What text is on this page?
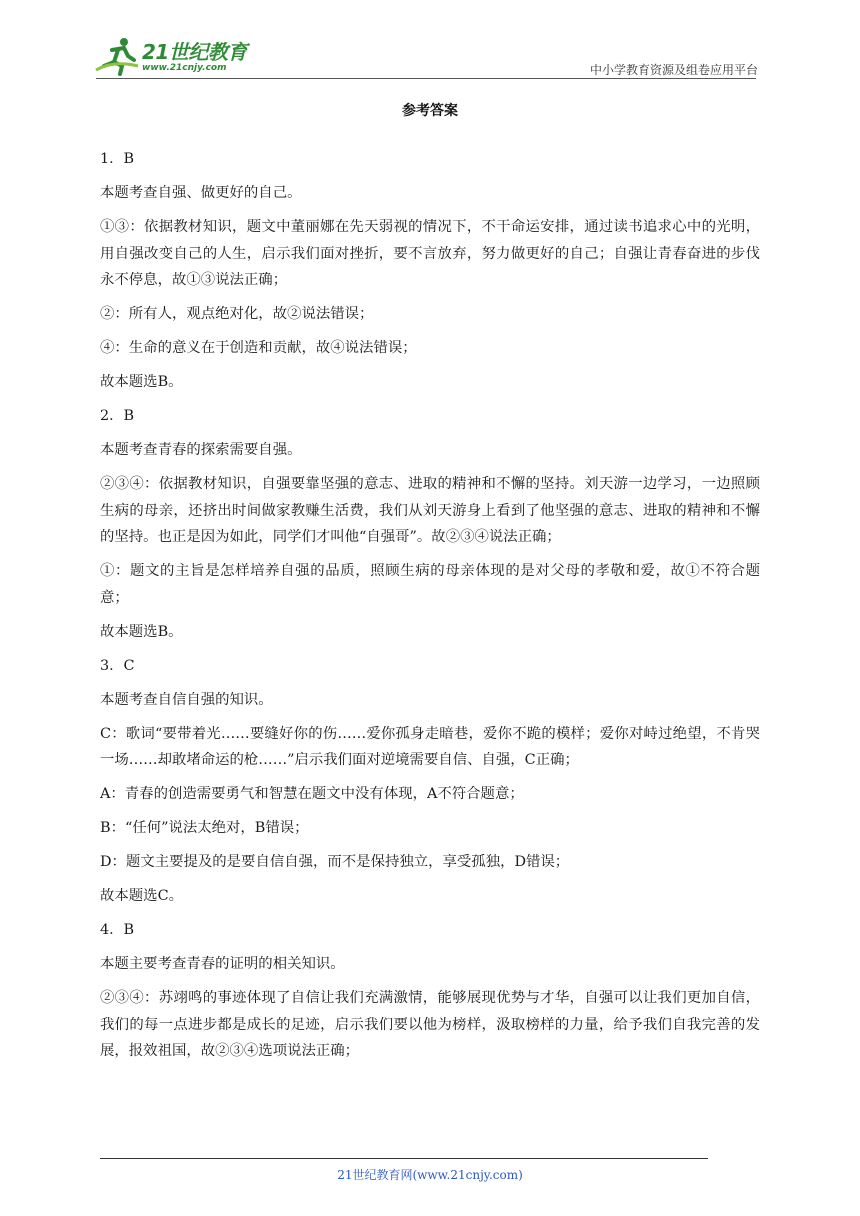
21世纪教育
www.21cnjy.com	中小学教育资源及组卷应用平台
参考答案

1．B

本题考查自强、做更好的自己。

①③：依据教材知识，题文中董丽娜在先天弱视的情况下，不干命运安排，通过读书追求心中的光明，用自强改变自己的人生，启示我们面对挫折，要不言放弃，努力做更好的自己；自强让青春奋进的步伐永不停息，故①③说法正确；

②：所有人，观点绝对化，故②说法错误；

④：生命的意义在于创造和贡献，故④说法错误；

故本题选B。

2．B

本题考查青春的探索需要自强。

②③④：依据教材知识，自强要靠坚强的意志、进取的精神和不懈的坚持。刘天游一边学习，一边照顾生病的母亲，还挤出时间做家教赚生活费，我们从刘天游身上看到了他坚强的意志、进取的精神和不懈的坚持。也正是因为如此，同学们才叫他“自强哥”。故②③④说法正确；

①：题文的主旨是怎样培养自强的品质，照顾生病的母亲体现的是对父母的孝敬和爱，故①不符合题意；

故本题选B。

3．C

本题考查自信自强的知识。

C：歌词“要带着光……要缝好你的伤……爱你孤身走暗巷，爱你不跪的模样；爱你对峙过绝望，不肯哭一场……却敢堵命运的枪……”启示我们面对逆境需要自信、自强，C正确；

A：青春的创造需要勇气和智慧在题文中没有体现，A不符合题意；

B：“任何”说法太绝对，B错误；

D：题文主要提及的是要自信自强，而不是保持独立，享受孤独，D错误；

故本题选C。

4．B

本题主要考查青春的证明的相关知识。

②③④：苏翊鸣的事迹体现了自信让我们充满激情，能够展现优势与才华，自强可以让我们更加自信，我们的每一点进步都是成长的足迹，启示我们要以他为榜样，汲取榜样的力量，给予我们自我完善的发展，报效祖国，故②③④选项说法正确；

21世纪教育网(www.21cnjy.com)
